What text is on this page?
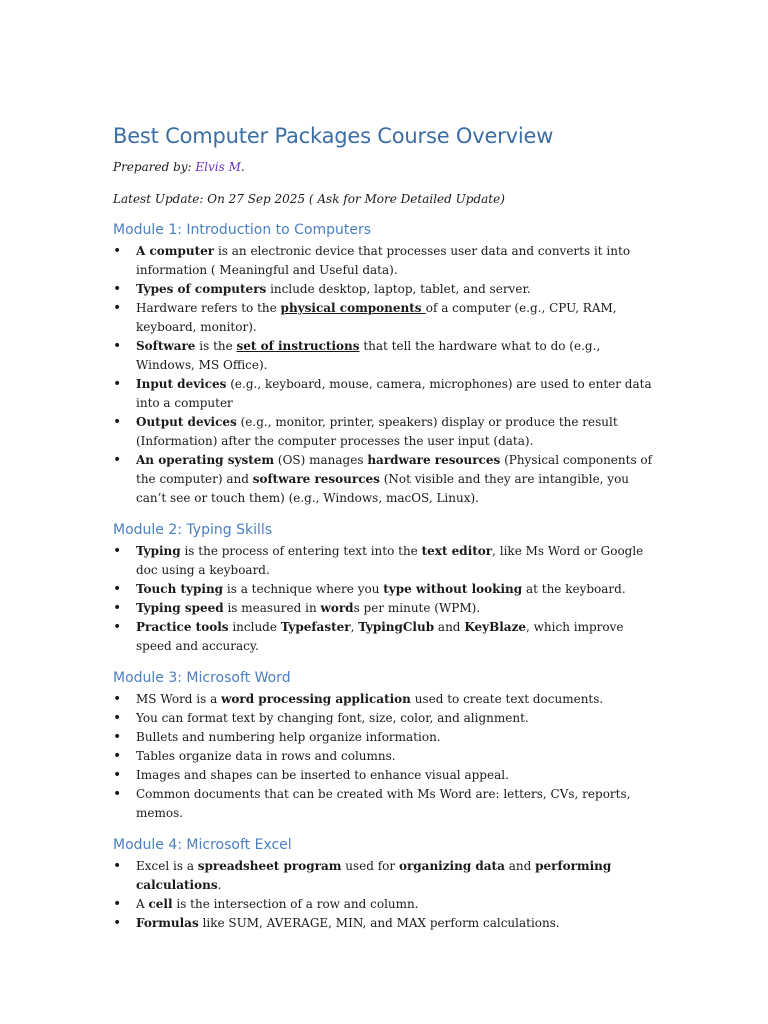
Best Computer Packages Course Overview
Prepared by: Elvis M.
Latest Update: On 27 Sep 2025 ( Ask for More Detailed Update)
Module 1: Introduction to Computers
• A computer is an electronic device that processes user data and converts it into information ( Meaningful and Useful data).
• Types of computers include desktop, laptop, tablet, and server.
• Hardware refers to the physical components of a computer (e.g., CPU, RAM, keyboard, monitor).
• Software is the set of instructions that tell the hardware what to do (e.g., Windows, MS Office).
• Input devices (e.g., keyboard, mouse, camera, microphones) are used to enter data into a computer
• Output devices (e.g., monitor, printer, speakers) display or produce the result (Information) after the computer processes the user input (data).
• An operating system (OS) manages hardware resources (Physical components of the computer) and software resources (Not visible and they are intangible, you can’t see or touch them) (e.g., Windows, macOS, Linux).
Module 2: Typing Skills
• Typing is the process of entering text into the text editor, like Ms Word or Google doc using a keyboard.
• Touch typing is a technique where you type without looking at the keyboard.
• Typing speed is measured in words per minute (WPM).
• Practice tools include Typefaster, TypingClub and KeyBlaze, which improve speed and accuracy.
Module 3: Microsoft Word
• MS Word is a word processing application used to create text documents.
• You can format text by changing font, size, color, and alignment.
• Bullets and numbering help organize information.
• Tables organize data in rows and columns.
• Images and shapes can be inserted to enhance visual appeal.
• Common documents that can be created with Ms Word are: letters, CVs, reports, memos.
Module 4: Microsoft Excel
• Excel is a spreadsheet program used for organizing data and performing calculations.
• A cell is the intersection of a row and column.
• Formulas like SUM, AVERAGE, MIN, and MAX perform calculations.
